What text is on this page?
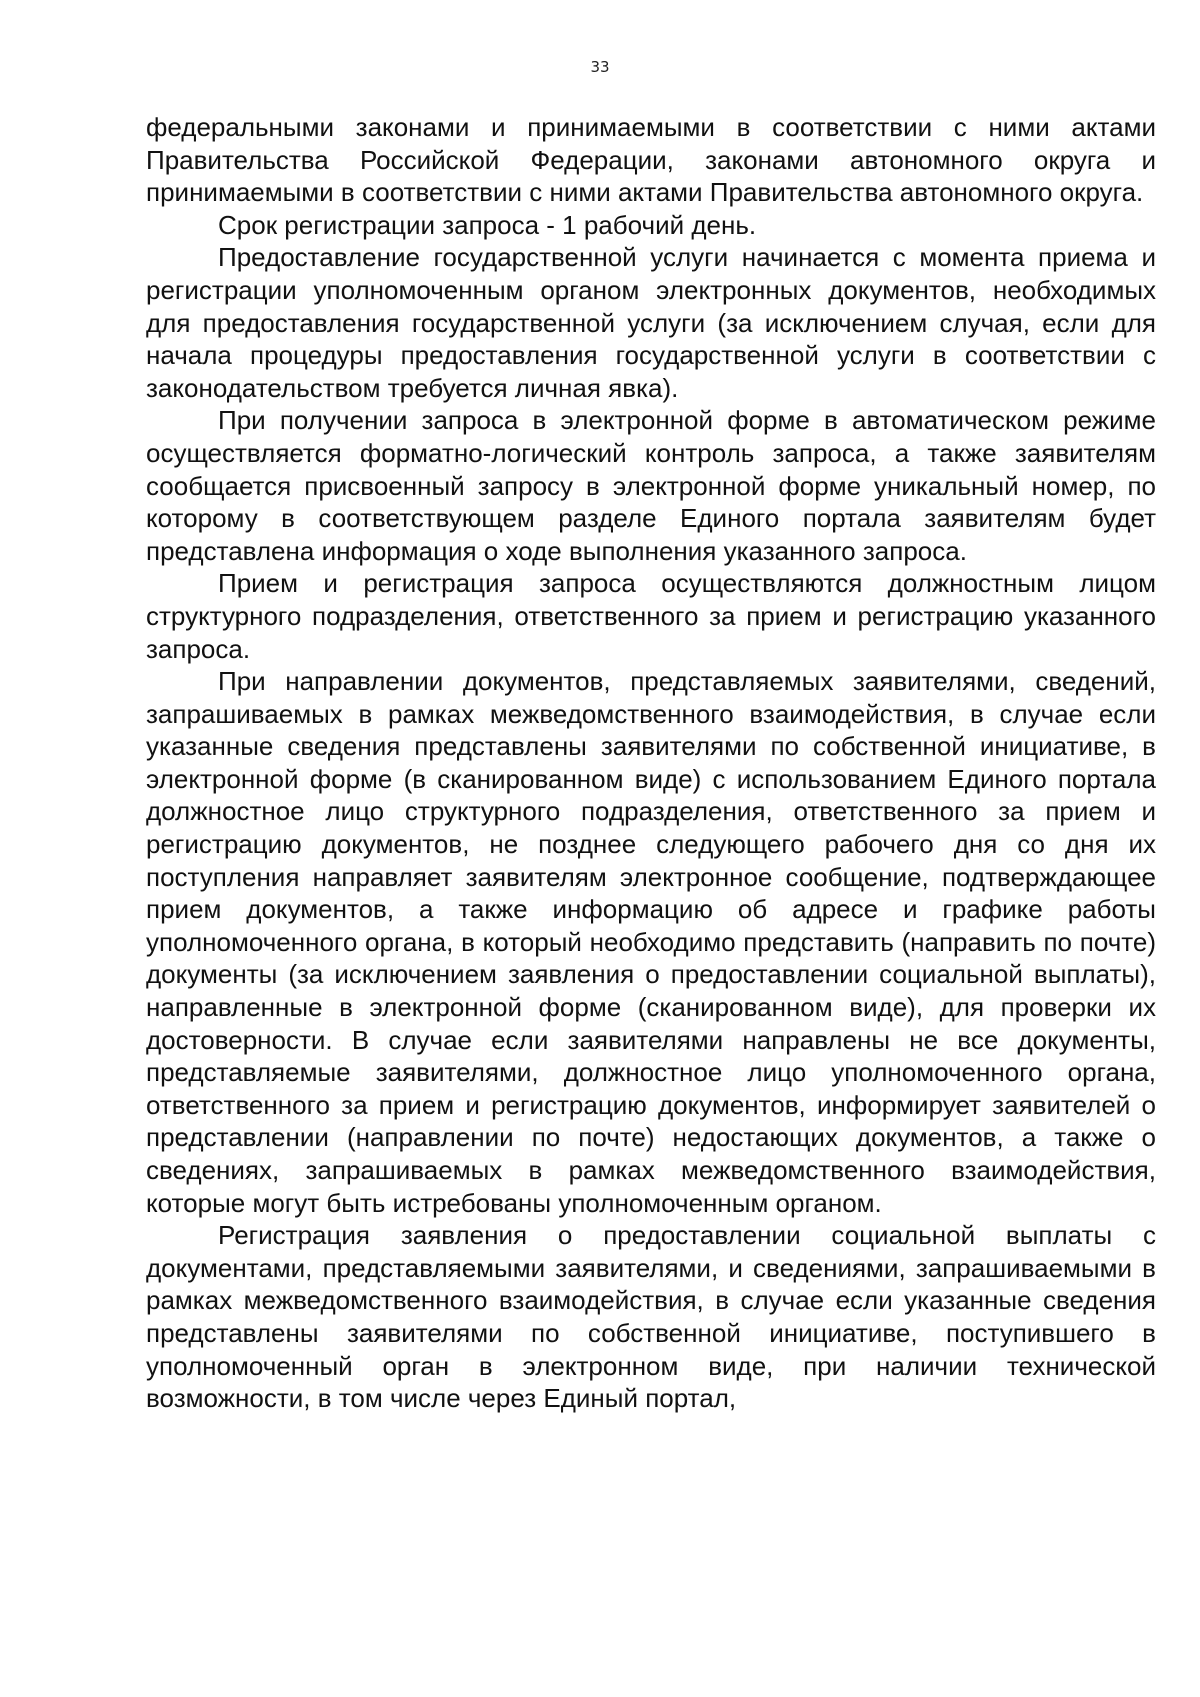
33

федеральными законами и принимаемыми в соответствии с ними актами Правительства Российской Федерации, законами автономного округа и принимаемыми в соответствии с ними актами Правительства автономного округа.

Срок регистрации запроса - 1 рабочий день.

Предоставление государственной услуги начинается с момента приема и регистрации уполномоченным органом электронных документов, необходимых для предоставления государственной услуги (за исключением случая, если для начала процедуры предоставления государственной услуги в соответствии с законодательством требуется личная явка).

При получении запроса в электронной форме в автоматическом режиме осуществляется форматно-логический контроль запроса, а также заявителям сообщается присвоенный запросу в электронной форме уникальный номер, по которому в соответствующем разделе Единого портала заявителям будет представлена информация о ходе выполнения указанного запроса.

Прием и регистрация запроса осуществляются должностным лицом структурного подразделения, ответственного за прием и регистрацию указанного запроса.

При направлении документов, представляемых заявителями, сведений, запрашиваемых в рамках межведомственного взаимодействия, в случае если указанные сведения представлены заявителями по собственной инициативе, в электронной форме (в сканированном виде) с использованием Единого портала должностное лицо структурного подразделения, ответственного за прием и регистрацию документов, не позднее следующего рабочего дня со дня их поступления направляет заявителям электронное сообщение, подтверждающее прием документов, а также информацию об адресе и графике работы уполномоченного органа, в который необходимо представить (направить по почте) документы (за исключением заявления о предоставлении социальной выплаты), направленные в электронной форме (сканированном виде), для проверки их достоверности. В случае если заявителями направлены не все документы, представляемые заявителями, должностное лицо уполномоченного органа, ответственного за прием и регистрацию документов, информирует заявителей о представлении (направлении по почте) недостающих документов, а также о сведениях, запрашиваемых в рамках межведомственного взаимодействия, которые могут быть истребованы уполномоченным органом.

Регистрация заявления о предоставлении социальной выплаты с документами, представляемыми заявителями, и сведениями, запрашиваемыми в рамках межведомственного взаимодействия, в случае если указанные сведения представлены заявителями по собственной инициативе, поступившего в уполномоченный орган в электронном виде, при наличии технической возможности, в том числе через Единый портал,
